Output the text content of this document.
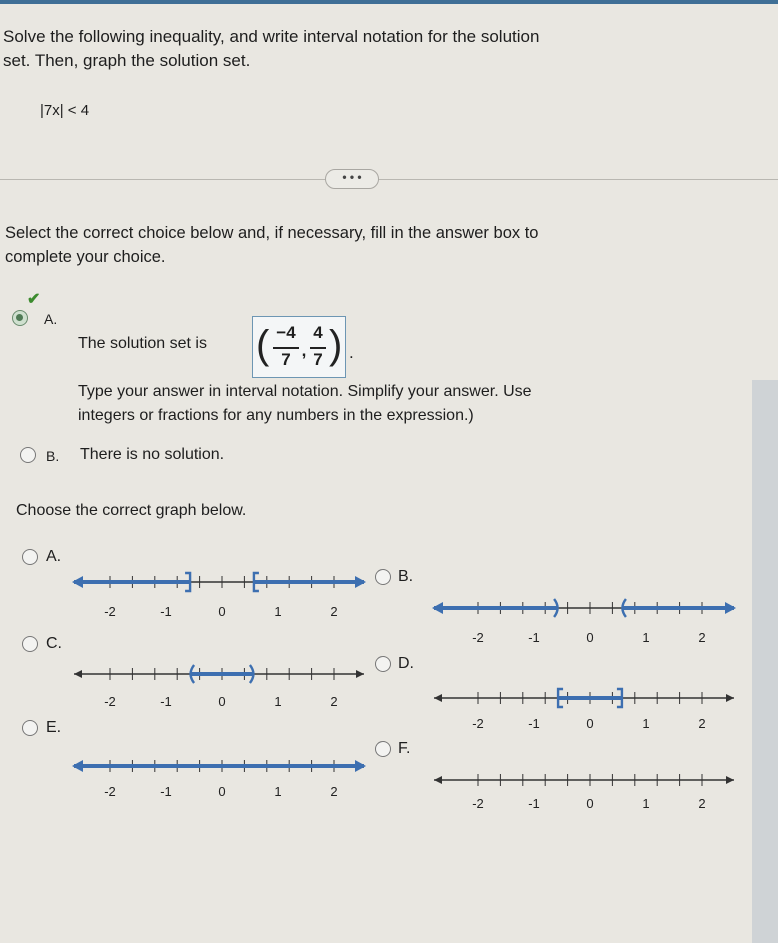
Solve the following inequality, and write interval notation for the solution
set. Then, graph the solution set.
|7x| < 4
• • •
Select the correct choice below and, if necessary, fill in the answer box to
complete your choice.
✔
A.
The solution set is ( −4
7 ,
4
7 ) .
Type your answer in interval notation. Simplify your answer. Use
integers or fractions for any numbers in the expression.)
B. There is no solution.
Choose the correct graph below.
A.
B.
C.
D.
E.
F.
-2	-1	0	1	2
-2	-1	0	1	2
-2	-1	0	1	2
-2	-1	0	1	2
-2	-1	0	1	2
-2	-1	0	1	2
